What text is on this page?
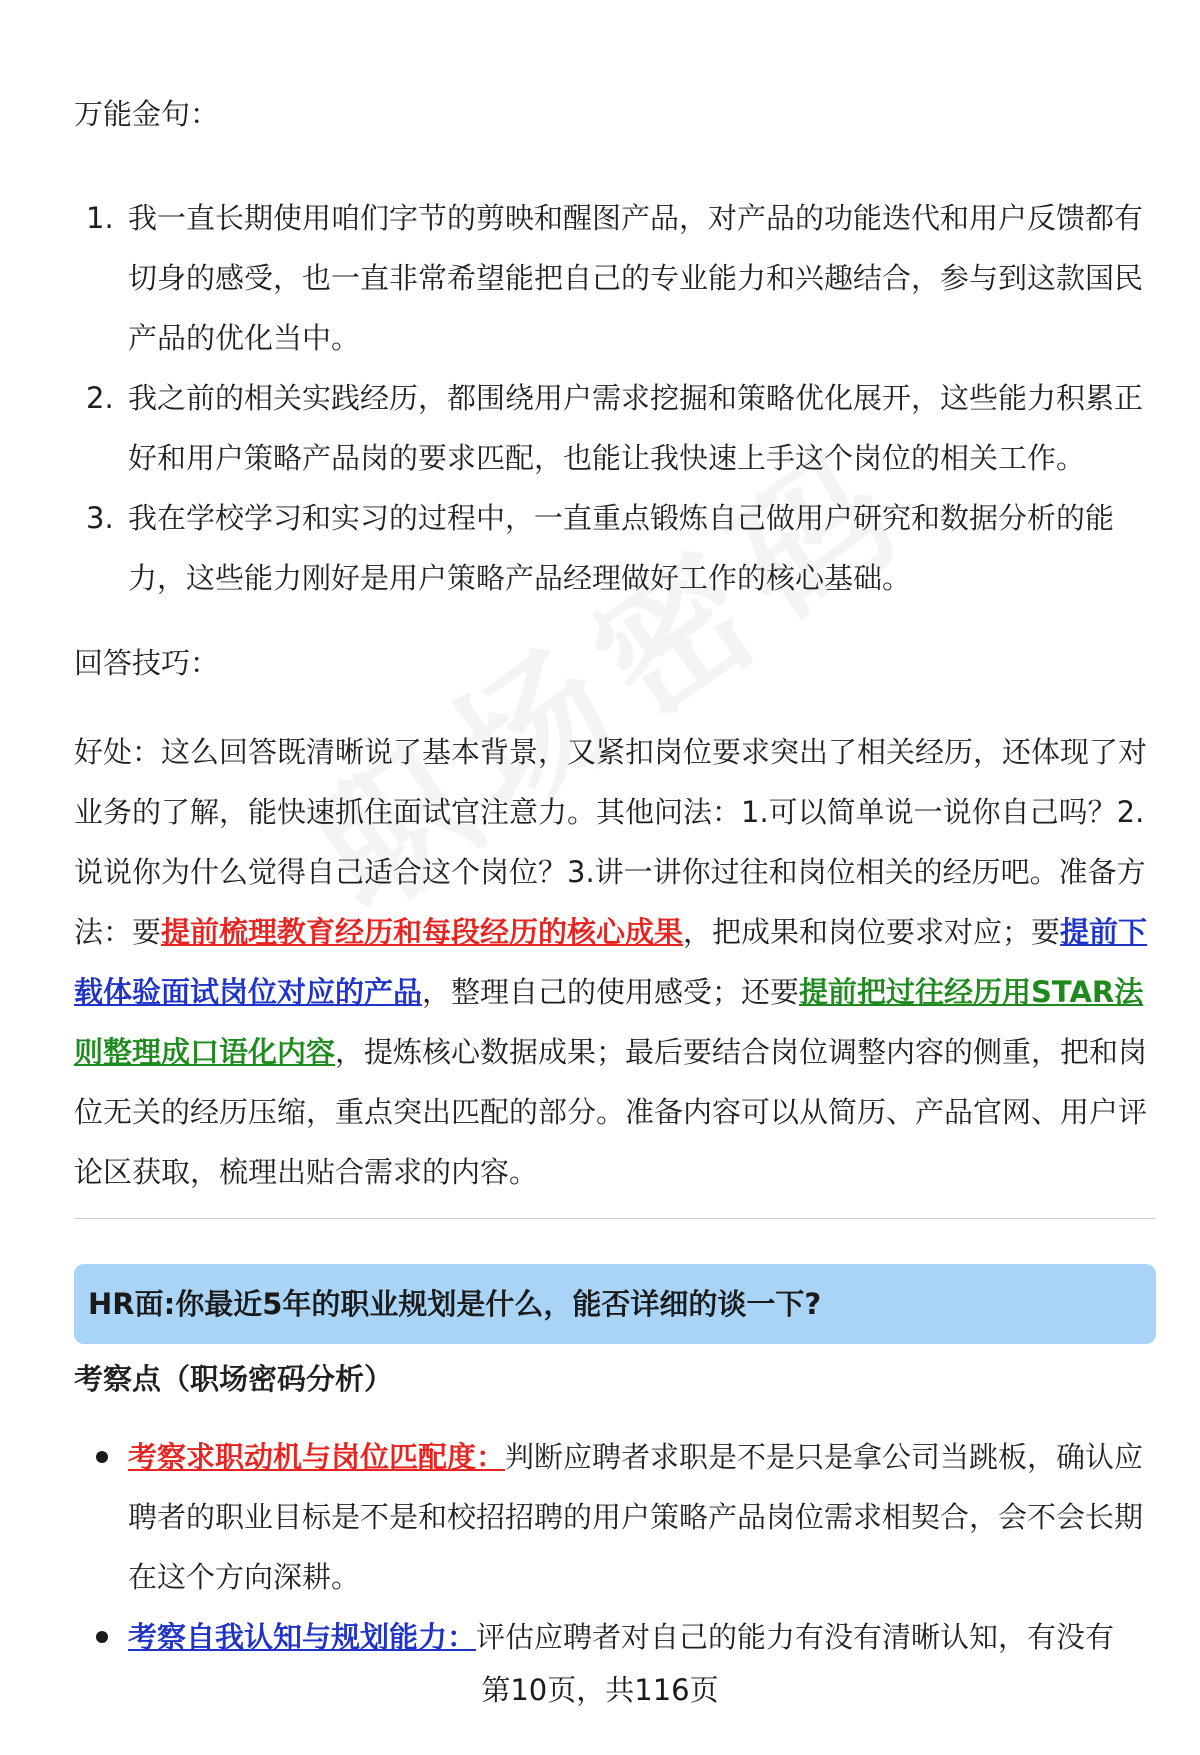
万能金句：
1. 我一直长期使用咱们字节的剪映和醒图产品，对产品的功能迭代和用户反馈都有切身的感受，也一直非常希望能把自己的专业能力和兴趣结合，参与到这款国民产品的优化当中。
2. 我之前的相关实践经历，都围绕用户需求挖掘和策略优化展开，这些能力积累正好和用户策略产品岗的要求匹配，也能让我快速上手这个岗位的相关工作。
3. 我在学校学习和实习的过程中，一直重点锻炼自己做用户研究和数据分析的能力，这些能力刚好是用户策略产品经理做好工作的核心基础。
回答技巧：
好处：这么回答既清晰说了基本背景，又紧扣岗位要求突出了相关经历，还体现了对业务的了解，能快速抓住面试官注意力。其他问法：1.可以简单说一说你自己吗？2.说说你为什么觉得自己适合这个岗位？3.讲一讲你过往和岗位相关的经历吧。准备方法：要提前梳理教育经历和每段经历的核心成果，把成果和岗位要求对应；要提前下载体验面试岗位对应的产品，整理自己的使用感受；还要提前把过往经历用STAR法则整理成口语化内容，提炼核心数据成果；最后要结合岗位调整内容的侧重，把和岗位无关的经历压缩，重点突出匹配的部分。准备内容可以从简历、产品官网、用户评论区获取，梳理出贴合需求的内容。
HR面:你最近5年的职业规划是什么，能否详细的谈一下?
考察点（职场密码分析）
考察求职动机与岗位匹配度：判断应聘者求职是不是只是拿公司当跳板，确认应聘者的职业目标是不是和校招招聘的用户策略产品岗位需求相契合，会不会长期在这个方向深耕。
考察自我认知与规划能力：评估应聘者对自己的能力有没有清晰认知，有没有
第10页，共116页
